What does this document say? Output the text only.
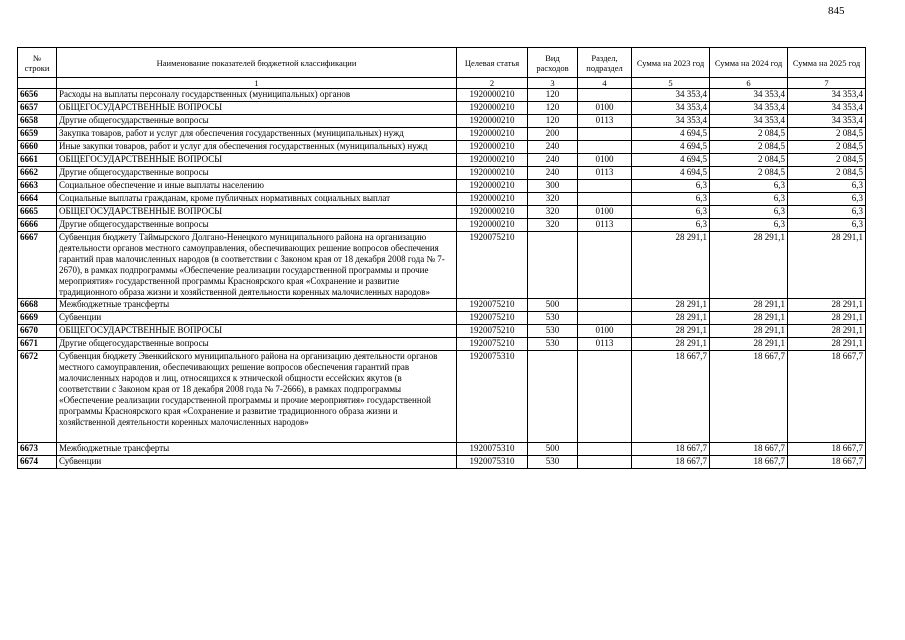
845
№ строки	Наименование показателей бюджетной классификации	Целевая статья	Вид расходов	Раздел, подраздел	Сумма на 2023 год	Сумма на 2024 год	Сумма на 2025 год
	1	2	3	4	5	6	7
6656	Расходы на выплаты персоналу государственных (муниципальных) органов	1920000210	120		34 353,4	34 353,4	34 353,4
6657	ОБЩЕГОСУДАРСТВЕННЫЕ ВОПРОСЫ	1920000210	120	0100	34 353,4	34 353,4	34 353,4
6658	Другие общегосударственные вопросы	1920000210	120	0113	34 353,4	34 353,4	34 353,4
6659	Закупка товаров, работ и услуг для обеспечения государственных (муниципальных) нужд	1920000210	200		4 694,5	2 084,5	2 084,5
6660	Иные закупки товаров, работ и услуг для обеспечения государственных (муниципальных) нужд	1920000210	240		4 694,5	2 084,5	2 084,5
6661	ОБЩЕГОСУДАРСТВЕННЫЕ ВОПРОСЫ	1920000210	240	0100	4 694,5	2 084,5	2 084,5
6662	Другие общегосударственные вопросы	1920000210	240	0113	4 694,5	2 084,5	2 084,5
6663	Социальное обеспечение и иные выплаты населению	1920000210	300		6,3	6,3	6,3
6664	Социальные выплаты гражданам, кроме публичных нормативных социальных выплат	1920000210	320		6,3	6,3	6,3
6665	ОБЩЕГОСУДАРСТВЕННЫЕ ВОПРОСЫ	1920000210	320	0100	6,3	6,3	6,3
6666	Другие общегосударственные вопросы	1920000210	320	0113	6,3	6,3	6,3
6667	Субвенция бюджету Таймырского Долгано-Ненецкого муниципального района на организацию деятельности органов местного самоуправления, обеспечивающих решение вопросов обеспечения гарантий прав малочисленных народов (в соответствии с Законом края от 18 декабря 2008 года № 7-2670), в рамках подпрограммы «Обеспечение реализации государственной программы и прочие мероприятия» государственной программы Красноярского края «Сохранение и развитие традиционного образа жизни и хозяйственной деятельности коренных малочисленных народов»	1920075210			28 291,1	28 291,1	28 291,1
6668	Межбюджетные трансферты	1920075210	500		28 291,1	28 291,1	28 291,1
6669	Субвенции	1920075210	530		28 291,1	28 291,1	28 291,1
6670	ОБЩЕГОСУДАРСТВЕННЫЕ ВОПРОСЫ	1920075210	530	0100	28 291,1	28 291,1	28 291,1
6671	Другие общегосударственные вопросы	1920075210	530	0113	28 291,1	28 291,1	28 291,1
6672	Субвенция бюджету Эвенкийского муниципального района на организацию деятельности органов местного самоуправления, обеспечивающих решение вопросов обеспечения гарантий прав малочисленных народов и лиц, относящихся к этнической общности ессейских якутов (в соответствии с Законом края от 18 декабря 2008 года № 7-2666), в рамках подпрограммы «Обеспечение реализации государственной программы и прочие мероприятия» государственной программы Красноярского края «Сохранение и развитие традиционного образа жизни и хозяйственной деятельности коренных малочисленных народов»	1920075310			18 667,7	18 667,7	18 667,7
6673	Межбюджетные трансферты	1920075310	500		18 667,7	18 667,7	18 667,7
6674	Субвенции	1920075310	530		18 667,7	18 667,7	18 667,7
